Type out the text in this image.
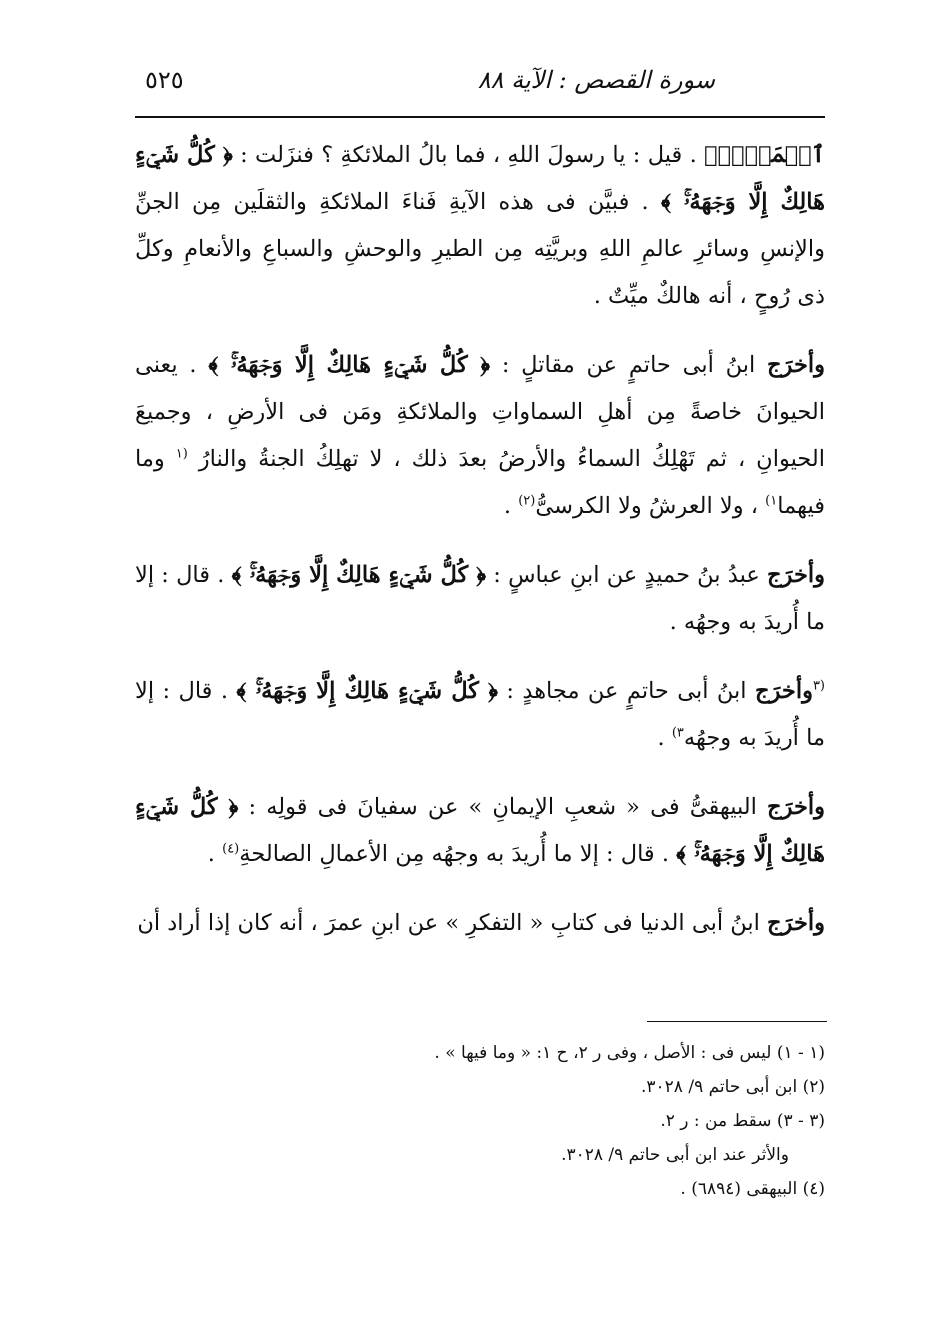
٥٢٥	سورة القصص : الآية ٨٨

ٱلۡمَوۡتِۗ . قيل : يا رسولَ اللهِ ، فما بالُ الملائكةِ ؟ فنزَلت : ﴿ كُلُّ شَيۡءٍ هَالِكٌ إِلَّا وَجۡهَهُۥۚ ﴾ . فبيَّن فى هذه الآيةِ فَناءَ الملائكةِ والثقلَين مِن الجنِّ والإنسِ وسائرِ عالمِ اللهِ وبريَّتِه مِن الطيرِ والوحشِ والسباعِ والأنعامِ وكلِّ ذى رُوحٍ ، أنه هالكٌ ميِّتٌ .

وأخرَج ابنُ أبى حاتمٍ عن مقاتلٍ : ﴿ كُلُّ شَيۡءٍ هَالِكٌ إِلَّا وَجۡهَهُۥۚ ﴾ . يعنى الحيوانَ خاصةً مِن أهلِ السماواتِ والملائكةِ ومَن فى الأرضِ ، وجميعَ الحيوانِ ، ثم تَهْلِكُ السماءُ والأرضُ بعدَ ذلك ، لا تهلِكُ الجنةُ والنارُ $^{(١}$ وما فيهما$^{١)}$ ، ولا العرشُ ولا الكرسىُّ$^{(٢)}$ .

وأخرَج عبدُ بنُ حميدٍ عن ابنِ عباسٍ : ﴿ كُلُّ شَيۡءٍ هَالِكٌ إِلَّا وَجۡهَهُۥۚ ﴾ . قال : إلا ما أُريدَ به وجهُه .

$^{(٣}$وأخرَج ابنُ أبى حاتمٍ عن مجاهدٍ : ﴿ كُلُّ شَيۡءٍ هَالِكٌ إِلَّا وَجۡهَهُۥۚ ﴾ . قال : إلا ما أُريدَ به وجهُه$^{٣)}$ .

وأخرَج البيهقىُّ فى « شعبِ الإيمانِ » عن سفيانَ فى قولِه : ﴿ كُلُّ شَيۡءٍ هَالِكٌ إِلَّا وَجۡهَهُۥۚ ﴾ . قال : إلا ما أُريدَ به وجهُه مِن الأعمالِ الصالحةِ$^{(٤)}$ .

وأخرَج ابنُ أبى الدنيا فى كتابِ « التفكرِ » عن ابنِ عمرَ ، أنه كان إذا أراد أن

(١ - ١) ليس فى : الأصل ، وفى ر ٢، ح ١: « وما فيها » .

(٢) ابن أبى حاتم ٩/ ٣٠٢٨.

(٣ - ٣) سقط من : ر ٢.

والأثر عند ابن أبى حاتم ٩/ ٣٠٢٨.

(٤) البيهقى (٦٨٩٤) .
